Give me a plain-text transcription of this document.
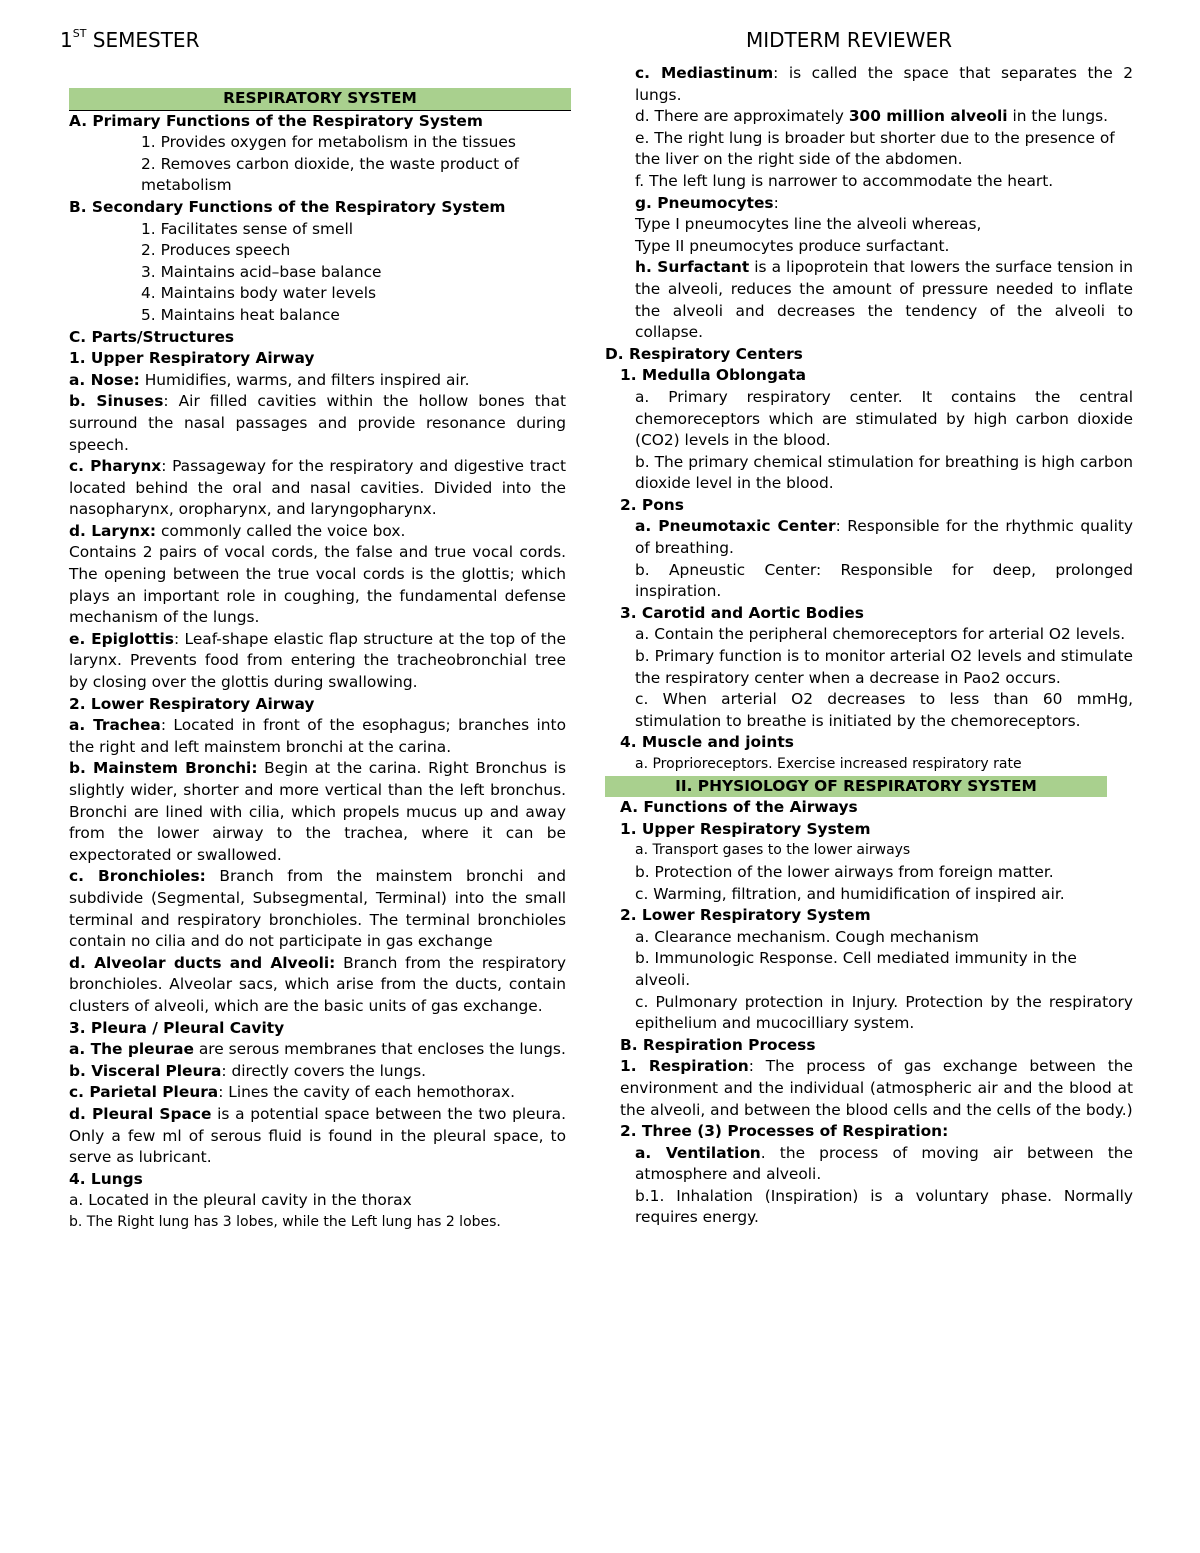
1ST SEMESTER	MIDTERM REVIEWER

RESPIRATORY SYSTEM

A. Primary Functions of the Respiratory System

1. Provides oxygen for metabolism in the tissues

2. Removes carbon dioxide, the waste product of metabolism

B. Secondary Functions of the Respiratory System

1. Facilitates sense of smell

2. Produces speech

3. Maintains acid–base balance

4. Maintains body water levels

5. Maintains heat balance

C. Parts/Structures

1. Upper Respiratory Airway

a. Nose: Humidifies, warms, and filters inspired air.

b. Sinuses: Air filled cavities within the hollow bones that surround the nasal passages and provide resonance during speech.

c. Pharynx: Passageway for the respiratory and digestive tract located behind the oral and nasal cavities. Divided into the nasopharynx, oropharynx, and laryngopharynx.

d. Larynx: commonly called the voice box.

Contains 2 pairs of vocal cords, the false and true vocal cords. The opening between the true vocal cords is the glottis; which plays an important role in coughing, the fundamental defense mechanism of the lungs.

e. Epiglottis: Leaf-shape elastic flap structure at the top of the larynx. Prevents food from entering the tracheobronchial tree by closing over the glottis during swallowing.

2. Lower Respiratory Airway

a. Trachea: Located in front of the esophagus; branches into the right and left mainstem bronchi at the carina.

b. Mainstem Bronchi: Begin at the carina. Right Bronchus is slightly wider, shorter and more vertical than the left bronchus. Bronchi are lined with cilia, which propels mucus up and away from the lower airway to the trachea, where it can be expectorated or swallowed.

c. Bronchioles: Branch from the mainstem bronchi and subdivide (Segmental, Subsegmental, Terminal) into the small terminal and respiratory bronchioles. The terminal bronchioles contain no cilia and do not participate in gas exchange

d. Alveolar ducts and Alveoli: Branch from the respiratory bronchioles. Alveolar sacs, which arise from the ducts, contain clusters of alveoli, which are the basic units of gas exchange.

3. Pleura / Pleural Cavity

a. The pleurae are serous membranes that encloses the lungs.

b. Visceral Pleura: directly covers the lungs.

c. Parietal Pleura: Lines the cavity of each hemothorax.

d. Pleural Space is a potential space between the two pleura. Only a few ml of serous fluid is found in the pleural space, to serve as lubricant.

4. Lungs

a. Located in the pleural cavity in the thorax

b. The Right lung has 3 lobes, while the Left lung has 2 lobes.

c. Mediastinum: is called the space that separates the 2 lungs.

d. There are approximately 300 million alveoli in the lungs.

e. The right lung is broader but shorter due to the presence of the liver on the right side of the abdomen.

f. The left lung is narrower to accommodate the heart.

g. Pneumocytes:

Type I pneumocytes line the alveoli whereas,

Type II pneumocytes produce surfactant.

h. Surfactant is a lipoprotein that lowers the surface tension in the alveoli, reduces the amount of pressure needed to inflate the alveoli and decreases the tendency of the alveoli to collapse.

D. Respiratory Centers

1. Medulla Oblongata

a. Primary respiratory center. It contains the central chemoreceptors which are stimulated by high carbon dioxide (CO2) levels in the blood.

b. The primary chemical stimulation for breathing is high carbon dioxide level in the blood.

2. Pons

a. Pneumotaxic Center: Responsible for the rhythmic quality of breathing.

b. Apneustic Center: Responsible for deep, prolonged inspiration.

3. Carotid and Aortic Bodies

a. Contain the peripheral chemoreceptors for arterial O2 levels.

b. Primary function is to monitor arterial O2 levels and stimulate the respiratory center when a decrease in Pao2 occurs.

c. When arterial O2 decreases to less than 60 mmHg, stimulation to breathe is initiated by the chemoreceptors.

4. Muscle and joints

a. Proprioreceptors. Exercise increased respiratory rate

II. PHYSIOLOGY OF RESPIRATORY SYSTEM

A. Functions of the Airways

1. Upper Respiratory System

a. Transport gases to the lower airways

b. Protection of the lower airways from foreign matter.

c. Warming, filtration, and humidification of inspired air.

2. Lower Respiratory System

a. Clearance mechanism. Cough mechanism

b. Immunologic Response. Cell mediated immunity in the alveoli.

c. Pulmonary protection in Injury. Protection by the respiratory epithelium and mucocilliary system.

B. Respiration Process

1. Respiration: The process of gas exchange between the environment and the individual (atmospheric air and the blood at the alveoli, and between the blood cells and the cells of the body.)

2. Three (3) Processes of Respiration:

a. Ventilation. the process of moving air between the atmosphere and alveoli.

b.1. Inhalation (Inspiration) is a voluntary phase. Normally requires energy.
